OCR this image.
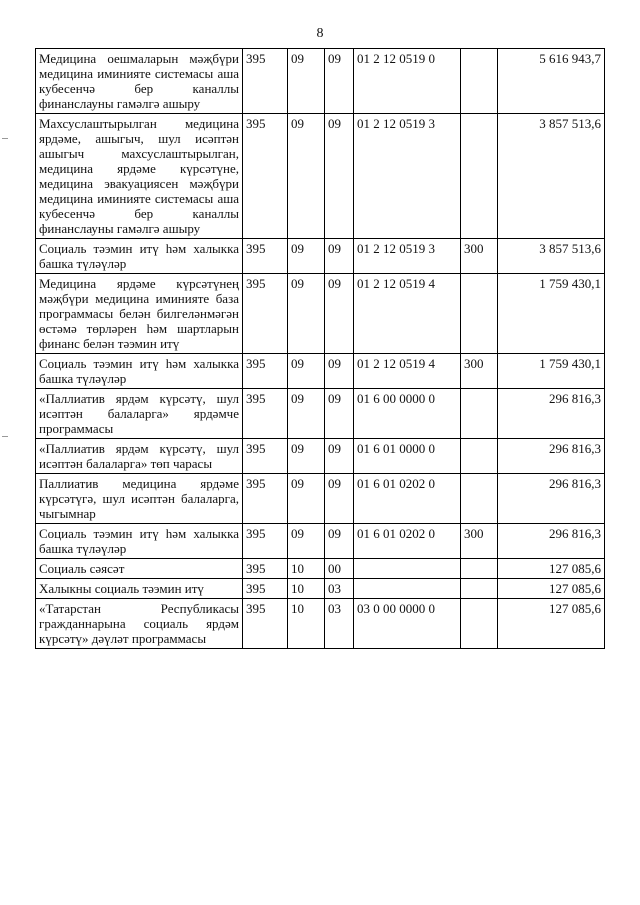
8
Медицина оешмаларын мәҗбүри медицина иминияте системасы аша кубесенчә бер каналлы финанслауны гамәлгә ашыру	395	09	09	01 2 12 0519 0		5 616 943,7
Махсуслаштырылган медицина ярдәме, ашыгыч, шул исәптән ашыгыч махсуслаштырылган, медицина ярдәме күрсәтүне, медицина эвакуациясен мәҗбүри медицина иминияте системасы аша кубесенчә бер каналлы финанслауны гамәлгә ашыру	395	09	09	01 2 12 0519 3		3 857 513,6
Социаль тәэмин итү һәм халыкка башка түләүләр	395	09	09	01 2 12 0519 3	300	3 857 513,6
Медицина ярдәме күрсәтүнең мәҗбүри медицина иминияте база программасы белән билгеләнмәгән өстәмә төрләрен һәм шартларын финанс белән тәэмин итү	395	09	09	01 2 12 0519 4		1 759 430,1
Социаль тәэмин итү һәм халыкка башка түләүләр	395	09	09	01 2 12 0519 4	300	1 759 430,1
«Паллиатив ярдәм күрсәтү, шул исәптән балаларга» ярдәмче программасы	395	09	09	01 6 00 0000 0		296 816,3
«Паллиатив ярдәм күрсәтү, шул исәптән балаларга» төп чарасы	395	09	09	01 6 01 0000 0		296 816,3
Паллиатив медицина ярдәме күрсәтүгә, шул исәптән балаларга, чыгымнар	395	09	09	01 6 01 0202 0		296 816,3
Социаль тәэмин итү һәм халыкка башка түләүләр	395	09	09	01 6 01 0202 0	300	296 816,3
Социаль сәясәт	395	10	00			127 085,6
Халыкны социаль тәэмин итү	395	10	03			127 085,6
«Татарстан Республикасы гражданнарына социаль ярдәм күрсәтү» дәүләт программасы	395	10	03	03 0 00 0000 0		127 085,6
